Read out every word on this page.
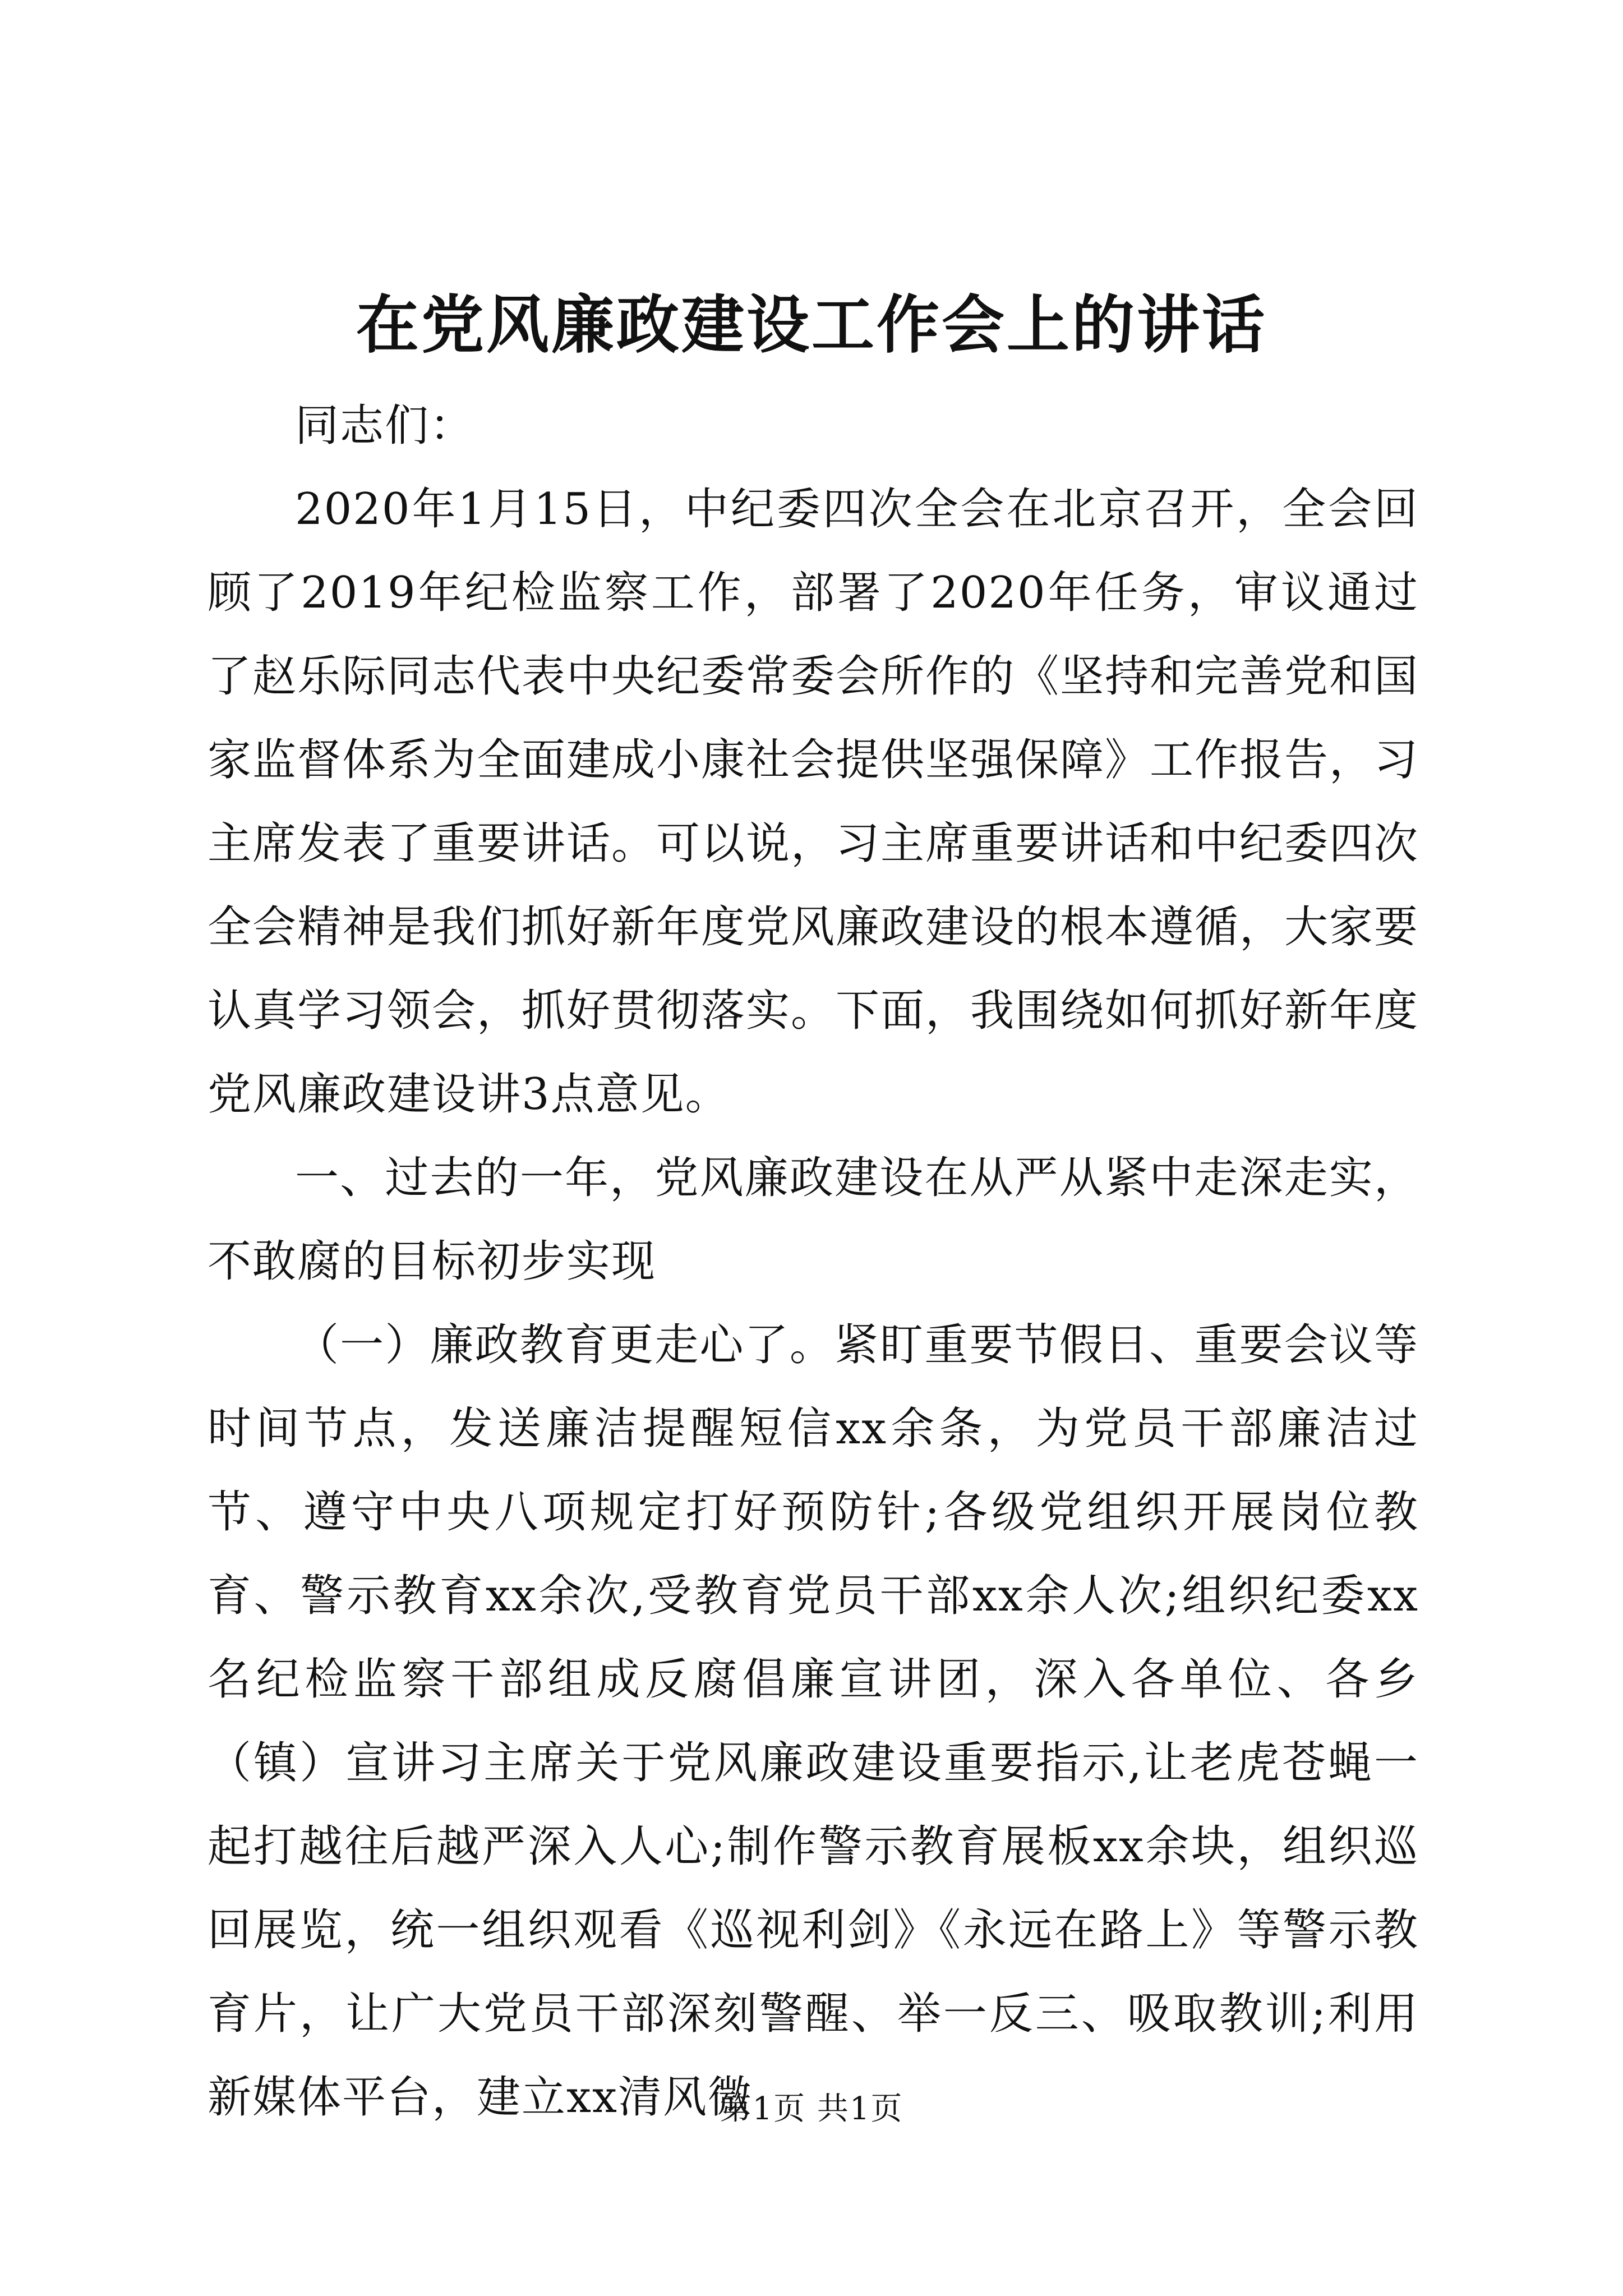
在党风廉政建设工作会上的讲话

同志们：

2020年1月15日，中纪委四次全会在北京召开，全会回顾了2019年纪检监察工作，部署了2020年任务，审议通过了赵乐际同志代表中央纪委常委会所作的《坚持和完善党和国家监督体系为全面建成小康社会提供坚强保障》工作报告，习主席发表了重要讲话。可以说，习主席重要讲话和中纪委四次全会精神是我们抓好新年度党风廉政建设的根本遵循，大家要认真学习领会，抓好贯彻落实。下面，我围绕如何抓好新年度党风廉政建设讲3点意见。

一、过去的一年，党风廉政建设在从严从紧中走深走实，不敢腐的目标初步实现

（一）廉政教育更走心了。紧盯重要节假日、重要会议等时间节点，发送廉洁提醒短信xx余条，为党员干部廉洁过节、遵守中央八项规定打好预防针;各级党组织开展岗位教育、警示教育xx余次,受教育党员干部xx余人次;组织纪委xx名纪检监察干部组成反腐倡廉宣讲团，深入各单位、各乡（镇）宣讲习主席关于党风廉政建设重要指示,让老虎苍蝇一起打越往后越严深入人心;制作警示教育展板xx余块，组织巡回展览，统一组织观看《巡视利剑》《永远在路上》等警示教育片，让广大党员干部深刻警醒、举一反三、吸取教训;利用新媒体平台，建立xx清风微

第1页 共1页
